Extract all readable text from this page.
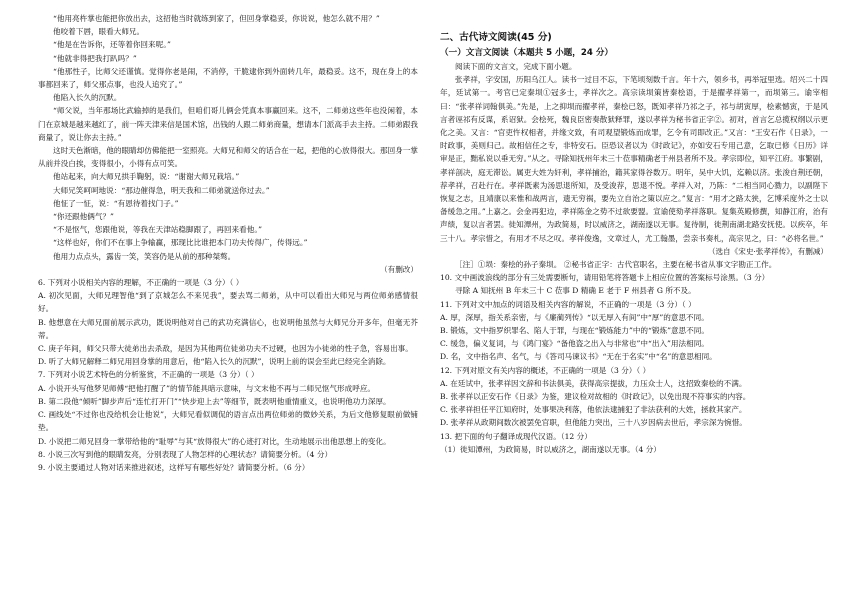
“他用亮杵掌也能把你放出去，这招他当时就练到家了，但回身掌稳妥，你说说，他怎么就不用？”

他咬着下唇，眼看大师兄。

“他是在告诉你，还等着你回来呢。”

“他就非得把我打趴吗？”

“他那性子，比师父还谨慎。觉得你老是闹，不消停，干脆逮你到外面转几年，最稳妥。这不，现在身上的本事都回来了，师父那点事，也没人追究了。”

他陷入长久的沉默。

“师父说，当年那场比武输掉的是我们，但咱们哥儿俩会凭真本事赢回来。这不，二师弟这些年也没闲着，本门在京城是越来越红了，前一阵天津来信是国术馆，出钱的人跟二师弟商量，想请本门派高手去主持。二师弟跟我商量了，说让你去主持。”

这时天色渐暗，他的眼睛却仿佛能把一室照亮。大师兄和师父的话合在一起，把他的心放得很大。那回身一掌从前并没白挨，变得很小，小得有点可笑。

他站起来，向大师兄拱手鞠躬，说：“谢谢大师兄栽培。”

大师兄笑呵呵地说：“那边催得急，明天我和二师弟就送你过去。”

他怔了一怔，说：“有恩待着找门子。”

“你还跟他俩气？”

“不是怄气，您跟他说，等我在天津站稳脚跟了，再回来看他。”

“这样也好，你们不在事上争输赢，那现比比谁把本门功夫传得广，传得远。”

他用力点点头，露齿一笑，笑容仍是从前的那种桀骜。

（有删改）

6. 下列对小说相关内容的理解，不正确的一项是（3 分）（ ）

A. 初次见面，大师兄理智他“到了京城怎么不来见我”，要去骂二师弟，从中可以看出大师兄与两位师弟感情很好。

B. 他想意在大师兄面前展示武功，既说明他对自己的武功充满信心，也说明他虽然与大师兄分开多年，但毫无芥蒂。

C. 庚子年间，师父只带大徒弟出去杀敌，是因为其他两位徒弟功夫不过硬，也因为小徒弟的性子急，容易出事。

D. 听了大师兄解释二师兄用回身掌的用意后，他“陷入长久的沉默”，说明上前的误会至此已经完全消除。

7. 下列对小说艺术特色的分析鉴赏，不正确的一项是（3 分）（ ）

A. 小说开头写他梦见师傅“把他打醒了”的情节能具暗示意味，与文末他不再与二师兄怄气形成呼应。

B. 第二段他“倾听”脚步声后“连忙打开门”“快步迎上去”等细节，既表明他重情重义，也说明他功力深厚。

C. 画线处“不过你也没给机会让他说”，大师兄看似调侃的语言点出两位师弟的微妙关系，为后文他修复眼前做铺垫。

D. 小说把二师兄回身一掌带给他的“耻辱”与其“放得很大”的心迹打对比，生动地展示出他思想上的变化。

8. 小说三次写到他的眼睛发亮，分别表现了人物怎样的心理状态？请简要分析。（4 分）

9. 小说主要通过人物对话来推进叙述，这样写有哪些好处？请简要分析。（6 分）

二、古代诗文阅读(45 分)

（一）文言文阅读（本题共 5 小题，24 分）

阅读下面的文言文，完成下面小题。

张孝祥，字安国，历阳乌江人。读书一过目不忘，下笔顷刻数千言。年十六，领乡书，再举冠里选。绍兴二十四年，廷试第一。考官已定秦埙①冠多士，孝祥次之。高宗读埙策皆秦桧语，于是擢孝祥第一，而埙第三。谕宰相曰：“张孝祥词翰俱美。”先是，上之抑埙而擢孝祥，秦桧已怒，既知孝祥乃祁之子，祁与胡寅厚，桧素憾寅，于是风言者诬祁有反谋，系诏狱。会桧死，魏良臣密奏散狱释罪，遂以孝祥为秘书省正字②。初对，首言乞总揽权纲以示更化之美。又言：“官吏忤权相者，并缘文致，有司观望锻炼而成罪，乞令有司即改正。”又言：“王安石作《日录》，一时政事，美则归己。故相信任之专，非特安石。臣恐议者以为《时政记》，亦如安石专用己意，乞取已修《日历》详审是正，黜私说以垂无穷。”从之。寻除知抚州年未三十莅事精确老于州县者所不及。孝宗即位，知平江府。事繁剧，孝祥剖决，庭无滞讼。属吏大姓为奸利，孝祥捕治，籍其家得谷数万。明年，吴中大饥，迄赖以济。张浚自荆还朝，荐孝祥，召赴行在。孝祥既素为汤思退所知，及受浚荐，思退不悦。孝祥入对，乃陈：“二相当同心勠力，以副陛下恢复之志，且靖康以来惟和战两言，遗无穷祸，要先立自治之策以应之。”复言：“用才之路太狭，乞博采度外之士以备缓急之用。”上嘉之。会金再犯边，孝祥陈金之势不过欲要盟。宣谕使劾孝祥落职。复集英殿修撰，知静江府，治有声绩，复以言者罢。徙知潭州，为政简易，时以威济之，湖南遂以无事。复待制，徙荆南湖北路安抚使。以疾卒，年三十八。孝宗惜之，有用才不尽之叹。孝祥俊逸，文章过人，尤工翰墨，尝亲书奏札，高宗见之，曰：“必将名世。”

（选自《宋史·张孝祥传》，有删减）

［注］①埙：秦桧的孙子秦埙。 ②秘书省正字：古代官职名，主要在秘书省从事文字勘正工作。

10. 文中画波浪线的部分有三处需要断句，请用铅笔将答题卡上相应位置的答案标号涂黑。（3 分）

寻除 A 知抚州 B 年未三十 C 莅事 D 精确 E 老于 F 州县者 G 所不及。

11. 下列对文中加点的词语及相关内容的解说，不正确的一项是（3 分）（ ）

A. 厚，深厚，指关系亲密，与《廉蔺列传》“以无厚入有间”中“厚”的意思不同。

B. 锻炼，文中指罗织罪名、陷人于罪，与现在“锻炼能力”中的“锻炼”意思不同。

C. 缓急，偏义复词，与《鸿门宴》“备他盗之出入与非常也”中“出入”用法相同。

D. 名，文中指名声、名气，与《答司马谏议书》“无在于名实”中“名”的意思相同。

12. 下列对原文有关内容的概述，不正确的一项是（3 分）（ ）

A. 在廷试中，张孝祥因文辞和书法俱美，获得高宗提拔，力压众士人，这招致秦桧的不满。

B. 张孝祥以正安石作《日录》为鉴，建议检对故相的《时政记》，以免出现不符事实的内容。

C. 张孝祥担任平江知府时，处事果决利落，他依法逮捕犯了非法获利的大姓，拯救其家产。

D. 张孝祥从政期间数次被罢免官职，但他能力突出，三十八岁因病去世后，孝宗深为惋惜。

13. 把下面的句子翻译成现代汉语。（12 分）

（1）徙知潭州，为政简易，时以威济之，湖南遂以无事。（4 分）
